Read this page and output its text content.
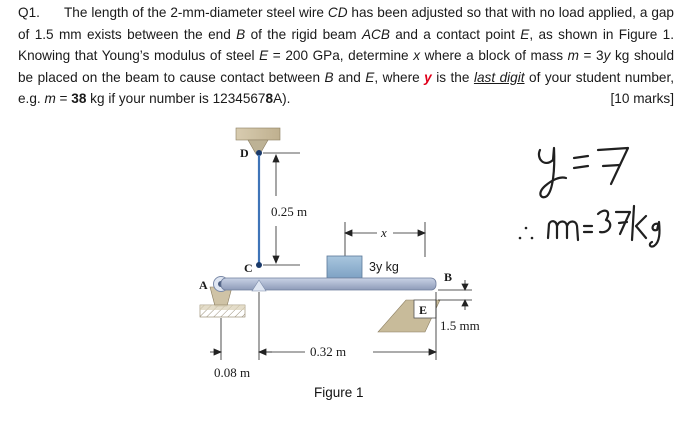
Q1. The length of the 2-mm-diameter steel wire CD has been adjusted so that with no load applied, a gap of 1.5 mm exists between the end B of the rigid beam ACB and a contact point E, as shown in Figure 1. Knowing that Young’s modulus of steel E = 200 GPa, determine x where a block of mass m = 3y kg should be placed on the beam to cause contact between B and E, where y is the last digit of your student number, e.g. m = 38 kg if your number is 12345678A).	[10 marks]
0.25 m
D
C
x
3y kg
A
E
B
1.5 mm
0.32 m
0.08 m
Figure 1
